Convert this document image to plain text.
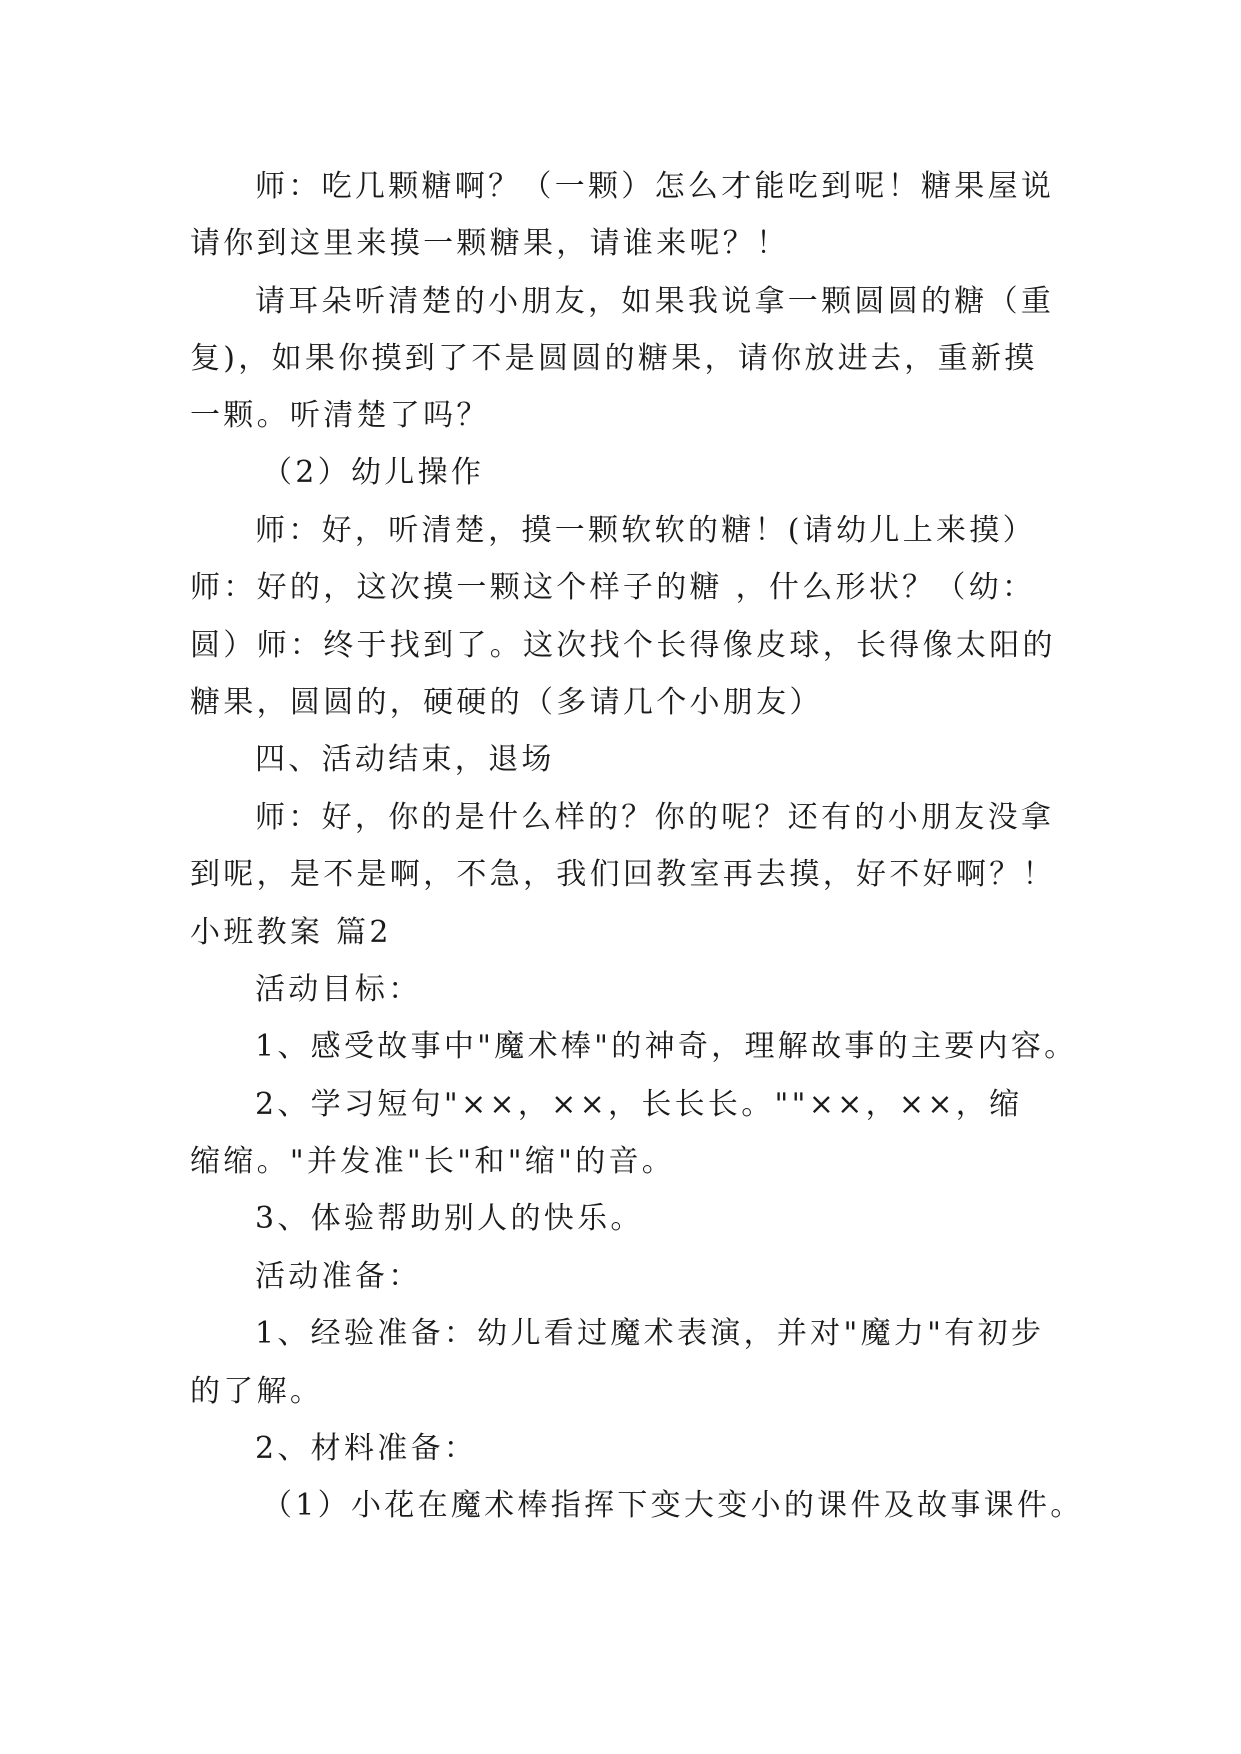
师：吃几颗糖啊？（一颗）怎么才能吃到呢！糖果屋说
请你到这里来摸一颗糖果，请谁来呢？！
请耳朵听清楚的小朋友，如果我说拿一颗圆圆的糖（重
复)，如果你摸到了不是圆圆的糖果，请你放进去，重新摸
一颗。听清楚了吗？
（2）幼儿操作
师：好，听清楚，摸一颗软软的糖！(请幼儿上来摸）
师：好的，这次摸一颗这个样子的糖 ，什么形状？（幼：
圆）师：终于找到了。这次找个长得像皮球，长得像太阳的
糖果，圆圆的，硬硬的（多请几个小朋友）
四、活动结束，退场
师：好，你的是什么样的？你的呢？还有的小朋友没拿
到呢，是不是啊，不急，我们回教室再去摸，好不好啊？！
小班教案 篇2
活动目标：
1、感受故事中"魔术棒"的神奇，理解故事的主要内容。
2、学习短句"××，××，长长长。""××，××，缩
缩缩。"并发准"长"和"缩"的音。
3、体验帮助别人的快乐。
活动准备：
1、经验准备：幼儿看过魔术表演，并对"魔力"有初步
的了解。
2、材料准备：
（1）小花在魔术棒指挥下变大变小的课件及故事课件。
